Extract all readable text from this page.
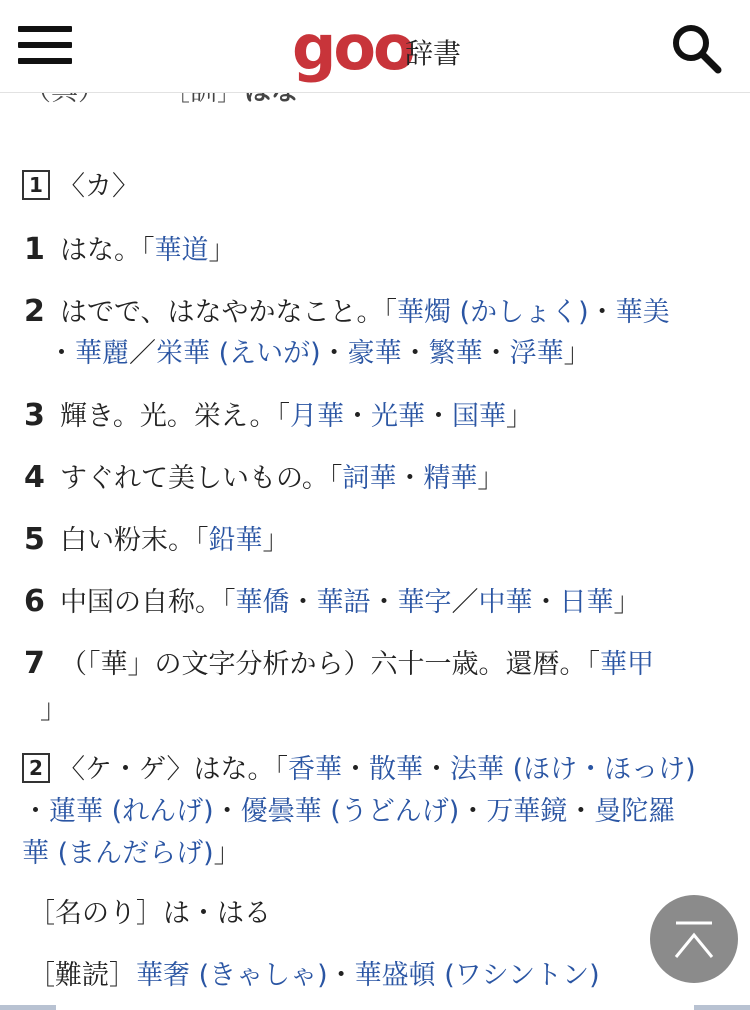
goo
辞書
1 〈カ〉
1 はな。「華道」
2 はでで、はなやかなこと。「華燭 (かしょく)・華美
・華麗／栄華 (えいが)・豪華・繁華・浮華」
3 輝き。光。栄え。「月華・光華・国華」
4 すぐれて美しいもの。「詞華・精華」
5 白い粉末。「鉛華」
6 中国の自称。「華僑・華語・華字／中華・日華」
7 （「華」の文字分析から）六十一歳。還暦。「華甲
」
2 〈ケ・ゲ〉はな。「香華・散華・法華 (ほけ・ほっけ)
・蓮華 (れんげ)・優曇華 (うどんげ)・万華鏡・曼陀羅
華 (まんだらげ)」
［名のり］は・はる
［難読］華奢 (きゃしゃ)・華盛頓 (ワシントン)
